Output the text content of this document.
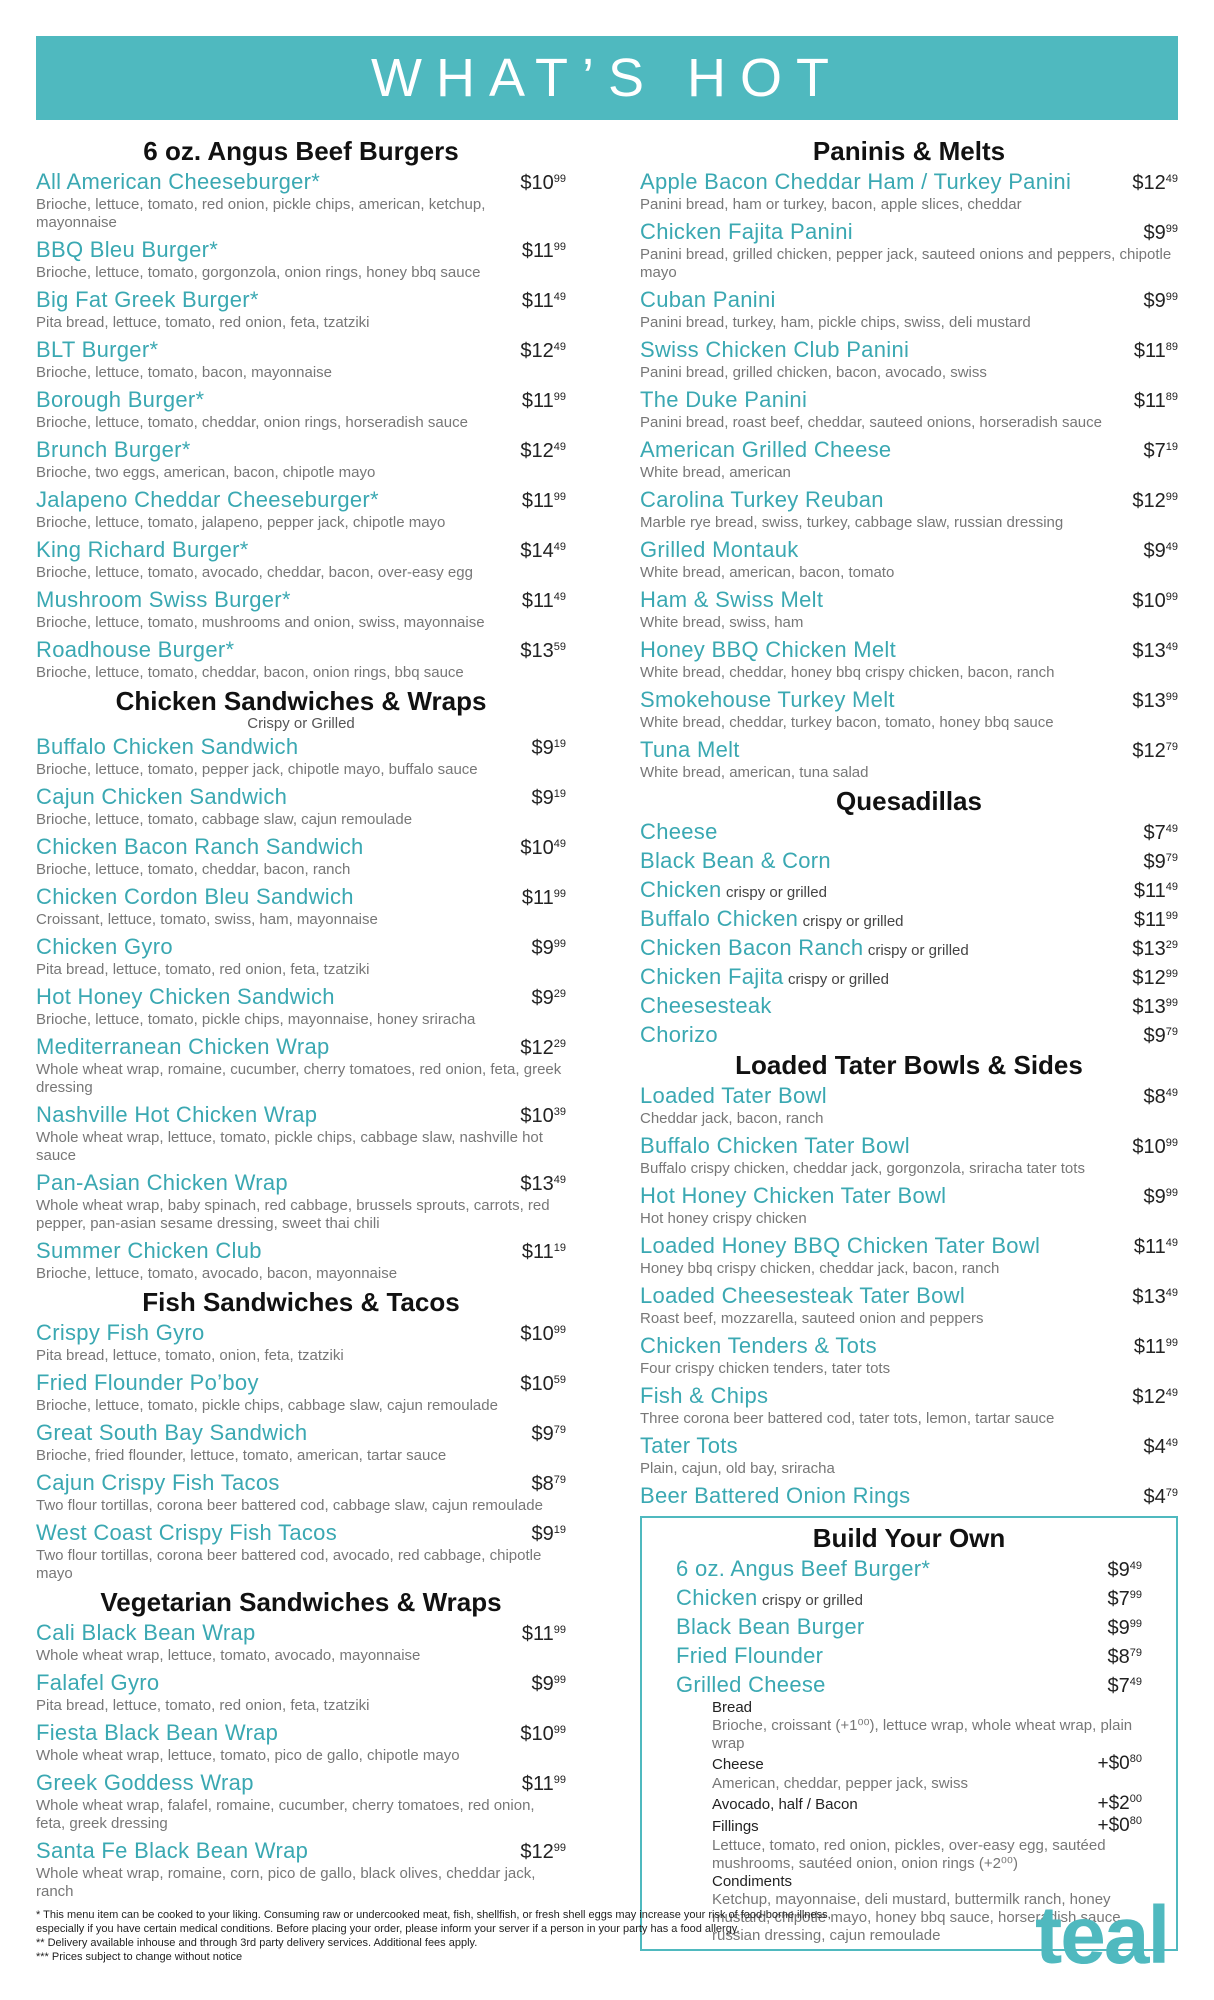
WHAT’S HOT
6 oz. Angus Beef Burgers
All American Cheeseburger*	$\$10^{99}$
Brioche, lettuce, tomato, red onion, pickle chips, american, ketchup, mayonnaise
BBQ Bleu Burger*	$\$11^{99}$
Brioche, lettuce, tomato, gorgonzola, onion rings, honey bbq sauce
Big Fat Greek Burger*	$\$11^{49}$
Pita bread, lettuce, tomato, red onion, feta, tzatziki
BLT Burger*	$\$12^{49}$
Brioche, lettuce, tomato, bacon, mayonnaise
Borough Burger*	$\$11^{99}$
Brioche, lettuce, tomato, cheddar, onion rings, horseradish sauce
Brunch Burger*	$\$12^{49}$
Brioche, two eggs, american, bacon, chipotle mayo
Jalapeno Cheddar Cheeseburger*	$\$11^{99}$
Brioche, lettuce, tomato, jalapeno, pepper jack, chipotle mayo
King Richard Burger*	$\$14^{49}$
Brioche, lettuce, tomato, avocado, cheddar, bacon, over-easy egg
Mushroom Swiss Burger*	$\$11^{49}$
Brioche, lettuce, tomato, mushrooms and onion, swiss, mayonnaise
Roadhouse Burger*	$\$13^{59}$
Brioche, lettuce, tomato, cheddar, bacon, onion rings, bbq sauce
Chicken Sandwiches & Wraps
Crispy or Grilled
Buffalo Chicken Sandwich	$\$9^{19}$
Brioche, lettuce, tomato, pepper jack, chipotle mayo, buffalo sauce
Cajun Chicken Sandwich	$\$9^{19}$
Brioche, lettuce, tomato, cabbage slaw, cajun remoulade
Chicken Bacon Ranch Sandwich	$\$10^{49}$
Brioche, lettuce, tomato, cheddar, bacon, ranch
Chicken Cordon Bleu Sandwich	$\$11^{99}$
Croissant, lettuce, tomato, swiss, ham, mayonnaise
Chicken Gyro	$\$9^{99}$
Pita bread, lettuce, tomato, red onion, feta, tzatziki
Hot Honey Chicken Sandwich	$\$9^{29}$
Brioche, lettuce, tomato, pickle chips, mayonnaise, honey sriracha
Mediterranean Chicken Wrap	$\$12^{29}$
Whole wheat wrap, romaine, cucumber, cherry tomatoes, red onion, feta, greek dressing
Nashville Hot Chicken Wrap	$\$10^{39}$
Whole wheat wrap, lettuce, tomato, pickle chips, cabbage slaw, nashville hot sauce
Pan-Asian Chicken Wrap	$\$13^{49}$
Whole wheat wrap, baby spinach, red cabbage, brussels sprouts, carrots, red pepper, pan-asian sesame dressing, sweet thai chili
Summer Chicken Club	$\$11^{19}$
Brioche, lettuce, tomato, avocado, bacon, mayonnaise
Fish Sandwiches & Tacos
Crispy Fish Gyro	$\$10^{99}$
Pita bread, lettuce, tomato, onion, feta, tzatziki
Fried Flounder Po’boy	$\$10^{59}$
Brioche, lettuce, tomato, pickle chips, cabbage slaw, cajun remoulade
Great South Bay Sandwich	$\$9^{79}$
Brioche, fried flounder, lettuce, tomato, american, tartar sauce
Cajun Crispy Fish Tacos	$\$8^{79}$
Two flour tortillas, corona beer battered cod, cabbage slaw, cajun remoulade
West Coast Crispy Fish Tacos	$\$9^{19}$
Two flour tortillas, corona beer battered cod, avocado, red cabbage, chipotle mayo
Vegetarian Sandwiches & Wraps
Cali Black Bean Wrap	$\$11^{99}$
Whole wheat wrap, lettuce, tomato, avocado, mayonnaise
Falafel Gyro	$\$9^{99}$
Pita bread, lettuce, tomato, red onion, feta, tzatziki
Fiesta Black Bean Wrap	$\$10^{99}$
Whole wheat wrap, lettuce, tomato, pico de gallo, chipotle mayo
Greek Goddess Wrap	$\$11^{99}$
Whole wheat wrap, falafel, romaine, cucumber, cherry tomatoes, red onion, feta, greek dressing
Santa Fe Black Bean Wrap	$\$12^{99}$
Whole wheat wrap, romaine, corn, pico de gallo, black olives, cheddar jack, ranch
Paninis & Melts
Apple Bacon Cheddar Ham / Turkey Panini	$\$12^{49}$
Panini bread, ham or turkey, bacon, apple slices, cheddar
Chicken Fajita Panini	$\$9^{99}$
Panini bread, grilled chicken, pepper jack, sauteed onions and peppers, chipotle mayo
Cuban Panini	$\$9^{99}$
Panini bread, turkey, ham, pickle chips, swiss, deli mustard
Swiss Chicken Club Panini	$\$11^{89}$
Panini bread, grilled chicken, bacon, avocado, swiss
The Duke Panini	$\$11^{89}$
Panini bread, roast beef, cheddar, sauteed onions, horseradish sauce
American Grilled Cheese	$\$7^{19}$
White bread, american
Carolina Turkey Reuban	$\$12^{99}$
Marble rye bread, swiss, turkey, cabbage slaw, russian dressing
Grilled Montauk	$\$9^{49}$
White bread, american, bacon, tomato
Ham & Swiss Melt	$\$10^{99}$
White bread, swiss, ham
Honey BBQ Chicken Melt	$\$13^{49}$
White bread, cheddar, honey bbq crispy chicken, bacon, ranch
Smokehouse Turkey Melt	$\$13^{99}$
White bread, cheddar, turkey bacon, tomato, honey bbq sauce
Tuna Melt	$\$12^{79}$
White bread, american, tuna salad
Quesadillas
Cheese	$\$7^{49}$
Black Bean & Corn	$\$9^{79}$
Chicken crispy or grilled	$\$11^{49}$
Buffalo Chicken crispy or grilled	$\$11^{99}$
Chicken Bacon Ranch crispy or grilled	$\$13^{29}$
Chicken Fajita crispy or grilled	$\$12^{99}$
Cheesesteak	$\$13^{99}$
Chorizo	$\$9^{79}$
Loaded Tater Bowls & Sides
Loaded Tater Bowl	$\$8^{49}$
Cheddar jack, bacon, ranch
Buffalo Chicken Tater Bowl	$\$10^{99}$
Buffalo crispy chicken, cheddar jack, gorgonzola, sriracha tater tots
Hot Honey Chicken Tater Bowl	$\$9^{99}$
Hot honey crispy chicken
Loaded Honey BBQ Chicken Tater Bowl	$\$11^{49}$
Honey bbq crispy chicken, cheddar jack, bacon, ranch
Loaded Cheesesteak Tater Bowl	$\$13^{49}$
Roast beef, mozzarella, sauteed onion and peppers
Chicken Tenders & Tots	$\$11^{99}$
Four crispy chicken tenders, tater tots
Fish & Chips	$\$12^{49}$
Three corona beer battered cod, tater tots, lemon, tartar sauce
Tater Tots	$\$4^{49}$
Plain, cajun, old bay, sriracha
Beer Battered Onion Rings	$\$4^{79}$
Build Your Own
6 oz. Angus Beef Burger*	$\$9^{49}$
Chicken crispy or grilled	$\$7^{99}$
Black Bean Burger	$\$9^{99}$
Fried Flounder	$\$8^{79}$
Grilled Cheese	$\$7^{49}$
Bread
Brioche, croissant (+1⁰⁰), lettuce wrap, whole wheat wrap, plain wrap
Cheese	$+\$0^{80}$
American, cheddar, pepper jack, swiss
Avocado, half / Bacon	$+\$2^{00}$
Fillings	$+\$0^{80}$
Lettuce, tomato, red onion, pickles, over-easy egg, sautéed mushrooms, sautéed onion, onion rings (+2⁰⁰)
Condiments
Ketchup, mayonnaise, deli mustard, buttermilk ranch, honey mustard, chipotle mayo, honey bbq sauce, horseradish sauce, russian dressing, cajun remoulade
* This menu item can be cooked to your liking. Consuming raw or undercooked meat, fish, shellfish, or fresh shell eggs may increase your risk of food-borne illness,
especially if you have certain medical conditions. Before placing your order, please inform your server if a person in your party has a food allergy.
** Delivery available inhouse and through 3rd party delivery services. Additional fees apply.
*** Prices subject to change without notice	teal
